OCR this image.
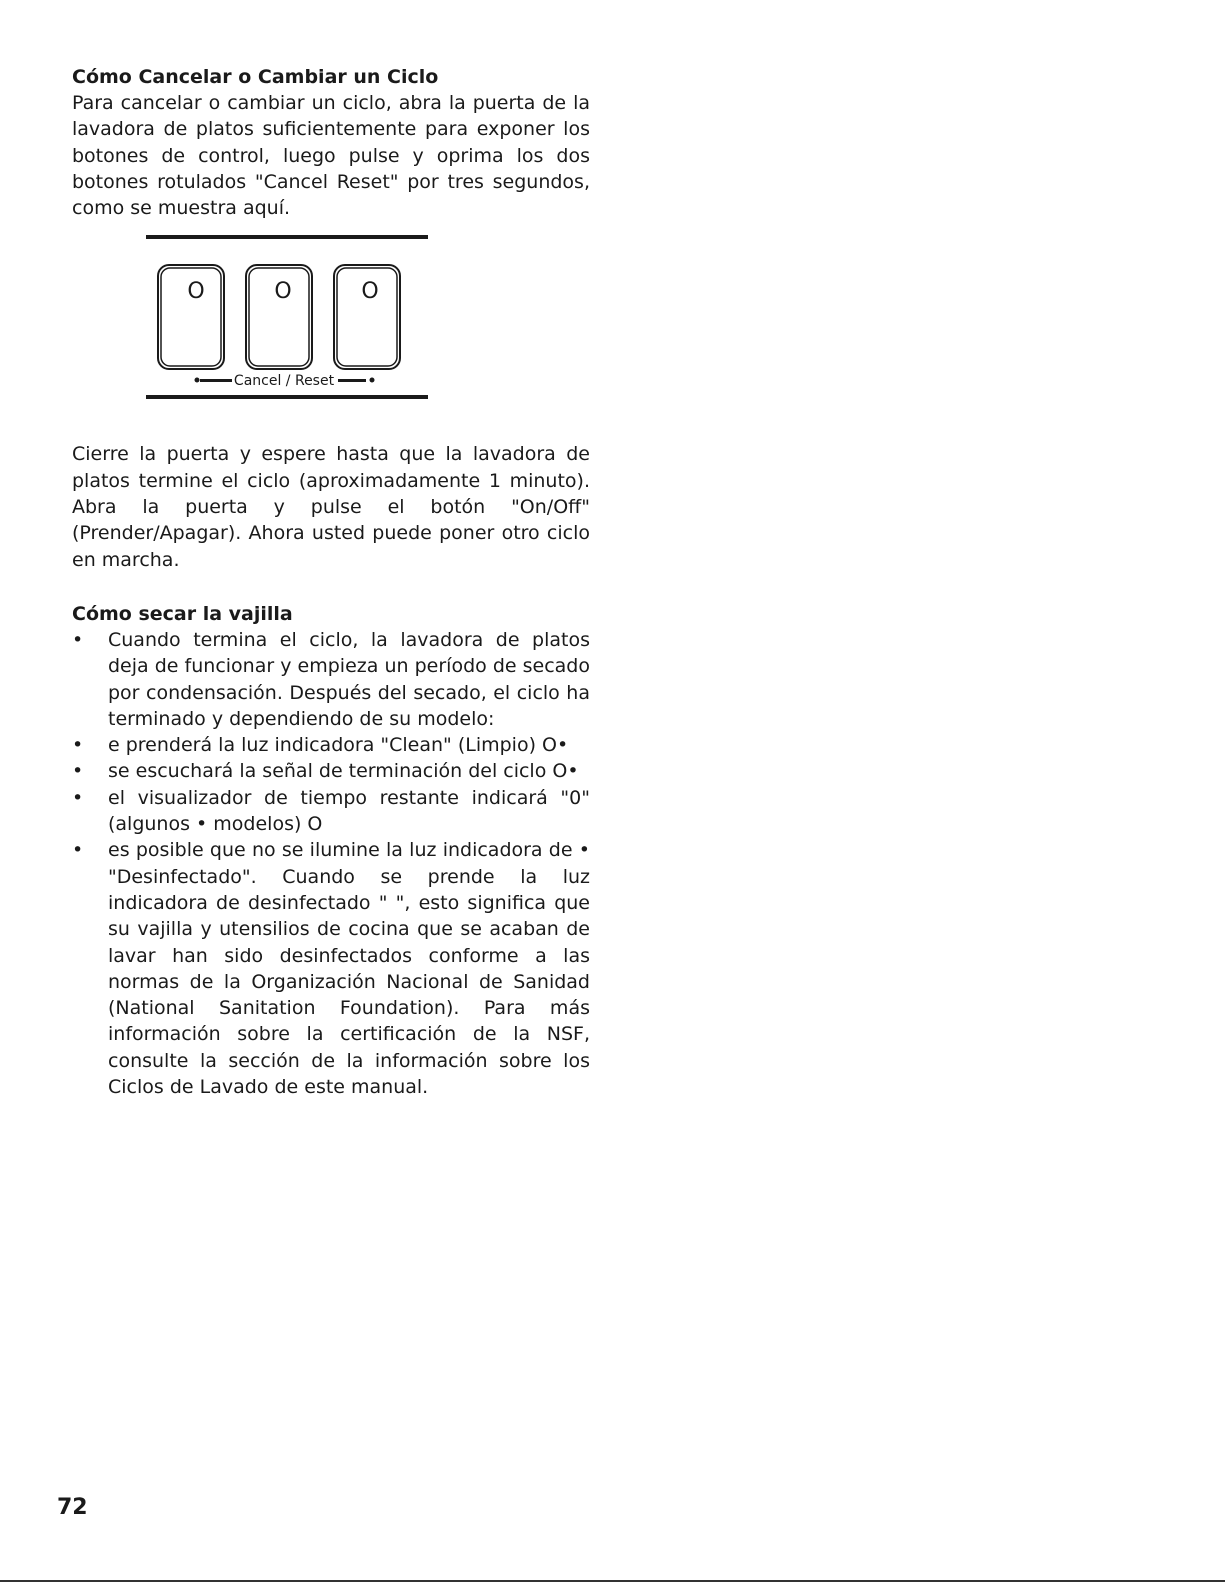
Cómo Cancelar o Cambiar un Ciclo

Para cancelar o cambiar un ciclo, abra la puerta de la lavadora de platos suficientemente para exponer los botones de control, luego pulse y oprima los dos botones rotulados "Cancel Reset" por tres segundos, como se muestra aquí.

O	O	O
Cancel / Reset

Cierre la puerta y espere hasta que la lavadora de platos termine el ciclo (aproximadamente 1 minuto). Abra la puerta y pulse el botón "On/Off" (Prender/Apagar). Ahora usted puede poner otro ciclo en marcha.

Cómo secar la vajilla
• Cuando termina el ciclo, la lavadora de platos deja de funcionar y empieza un período de secado por condensación. Después del secado, el ciclo ha terminado y dependiendo de su modelo:
• e prenderá la luz indicadora "Clean" (Limpio) O•
• se escuchará la señal de terminación del ciclo O•
• el visualizador de tiempo restante indicará "0" (algunos • modelos) O
• es posible que no se ilumine la luz indicadora de • "Desinfectado". Cuando se prende la luz indicadora de desinfectado " ", esto significa que su vajilla y utensilios de cocina que se acaban de lavar han sido desinfectados conforme a las normas de la Organización Nacional de Sanidad (National Sanitation Foundation). Para más información sobre la certificación de la NSF, consulte la sección de la información sobre los Ciclos de Lavado de este manual.
72
